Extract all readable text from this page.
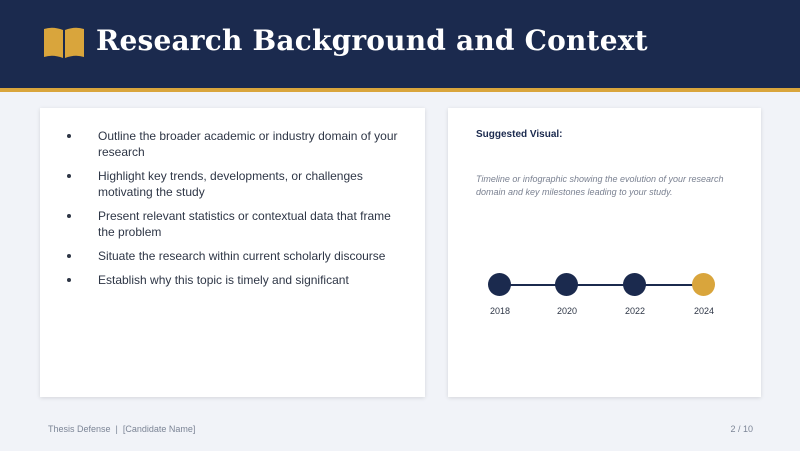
Research Background and Context
Outline the broader academic or industry domain of your research
Highlight key trends, developments, or challenges motivating the study
Present relevant statistics or contextual data that frame the problem
Situate the research within current scholarly discourse
Establish why this topic is timely and significant
Suggested Visual:
Timeline or infographic showing the evolution of your research domain and key milestones leading to your study.
2018	2020	2022	2024
Thesis Defense  |  [Candidate Name]	2 / 10
